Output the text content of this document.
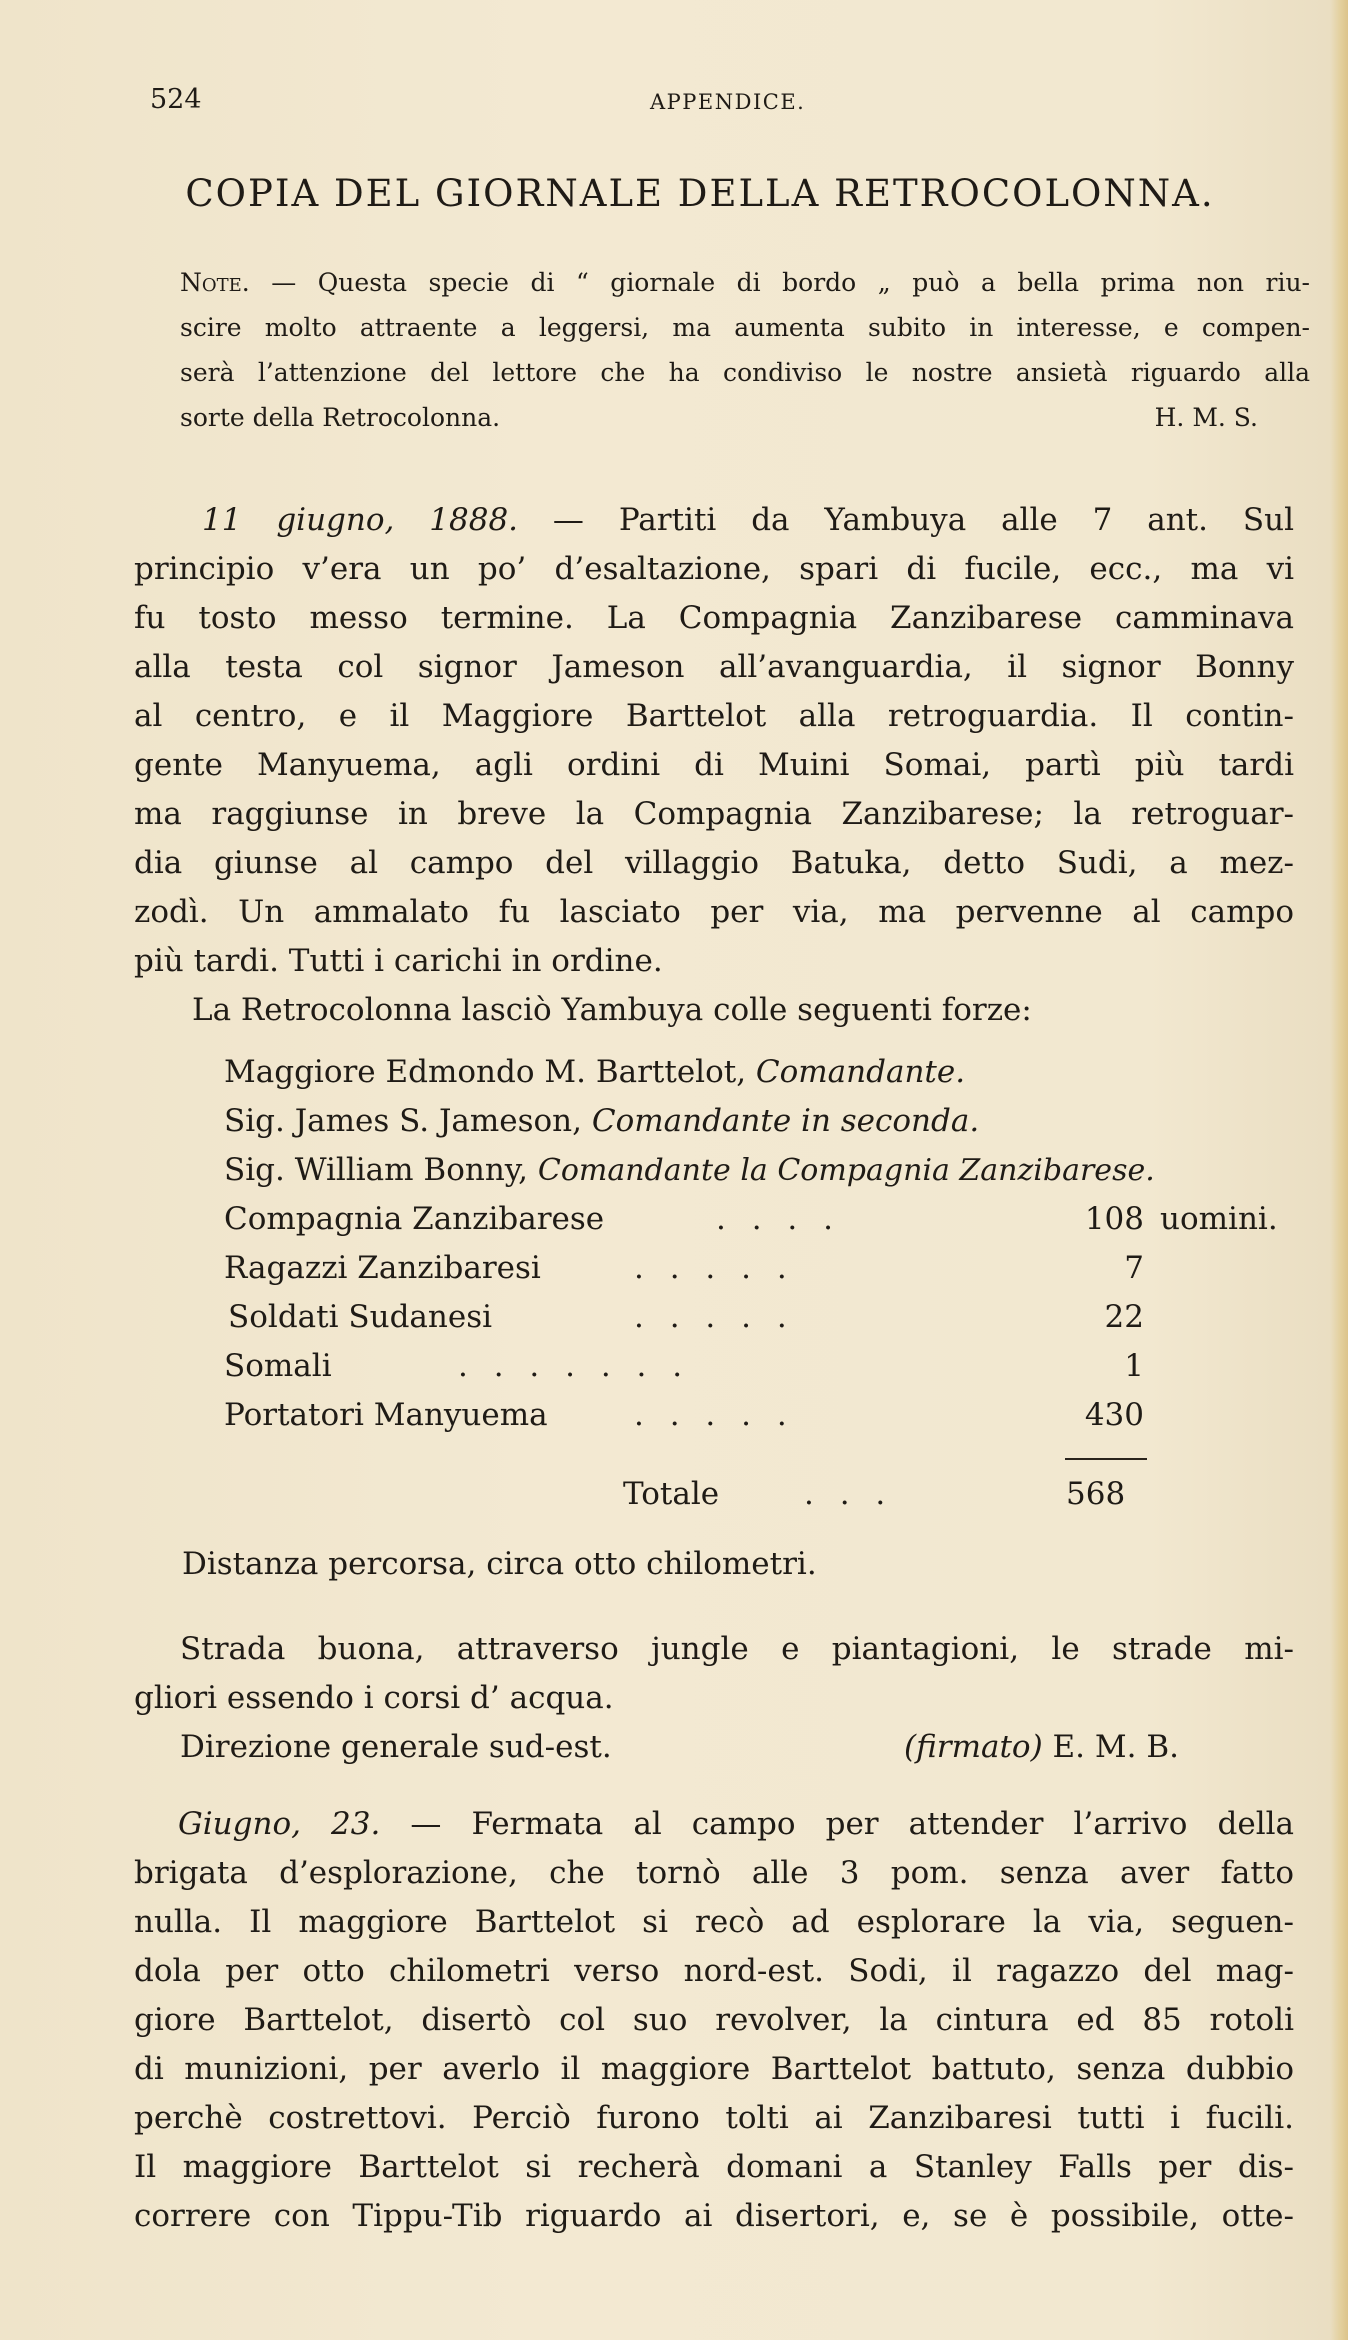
524	APPENDICE.
COPIA DEL GIORNALE DELLA RETROCOLONNA.
Note. — Questa specie di “ giornale di bordo „ può a bella prima non riu-
scire molto attraente a leggersi, ma aumenta subito in interesse, e compen-
serà l’attenzione del lettore che ha condiviso le nostre ansietà riguardo alla
sorte della Retrocolonna.	H. M. S.
11 giugno, 1888. — Partiti da Yambuya alle 7 ant. Sul
principio v’era un po’ d’esaltazione, spari di fucile, ecc., ma vi
fu tosto messo termine. La Compagnia Zanzibarese camminava
alla testa col signor Jameson all’avanguardia, il signor Bonny
al centro, e il Maggiore Barttelot alla retroguardia. Il contin-
gente Manyuema, agli ordini di Muini Somai, partì più tardi
ma raggiunse in breve la Compagnia Zanzibarese; la retroguar-
dia giunse al campo del villaggio Batuka, detto Sudi, a mez-
zodì. Un ammalato fu lasciato per via, ma pervenne al campo
più tardi. Tutti i carichi in ordine.
La Retrocolonna lasciò Yambuya colle seguenti forze:
Maggiore Edmondo M. Barttelot, Comandante.
Sig. James S. Jameson, Comandante in seconda.
Sig. William Bonny, Comandante la Compagnia Zanzibarese.
Compagnia Zanzibarese	. . . .	108 uomini.
Ragazzi Zanzibaresi	. . . . .	7
Soldati Sudanesi	. . . . .	22
Somali	. . . . . . .	1
Portatori Manyuema	. . . . .	430
Totale	. . .	568
Distanza percorsa, circa otto chilometri.
Strada buona, attraverso jungle e piantagioni, le strade mi-
gliori essendo i corsi d’ acqua.
Direzione generale sud-est.	(firmato) E. M. B.
Giugno, 23. — Fermata al campo per attender l’arrivo della
brigata d’esplorazione, che tornò alle 3 pom. senza aver fatto
nulla. Il maggiore Barttelot si recò ad esplorare la via, seguen-
dola per otto chilometri verso nord-est. Sodi, il ragazzo del mag-
giore Barttelot, disertò col suo revolver, la cintura ed 85 rotoli
di munizioni, per averlo il maggiore Barttelot battuto, senza dubbio
perchè costrettovi. Perciò furono tolti ai Zanzibaresi tutti i fucili.
Il maggiore Barttelot si recherà domani a Stanley Falls per dis-
correre con Tippu-Tib riguardo ai disertori, e, se è possibile, otte-
